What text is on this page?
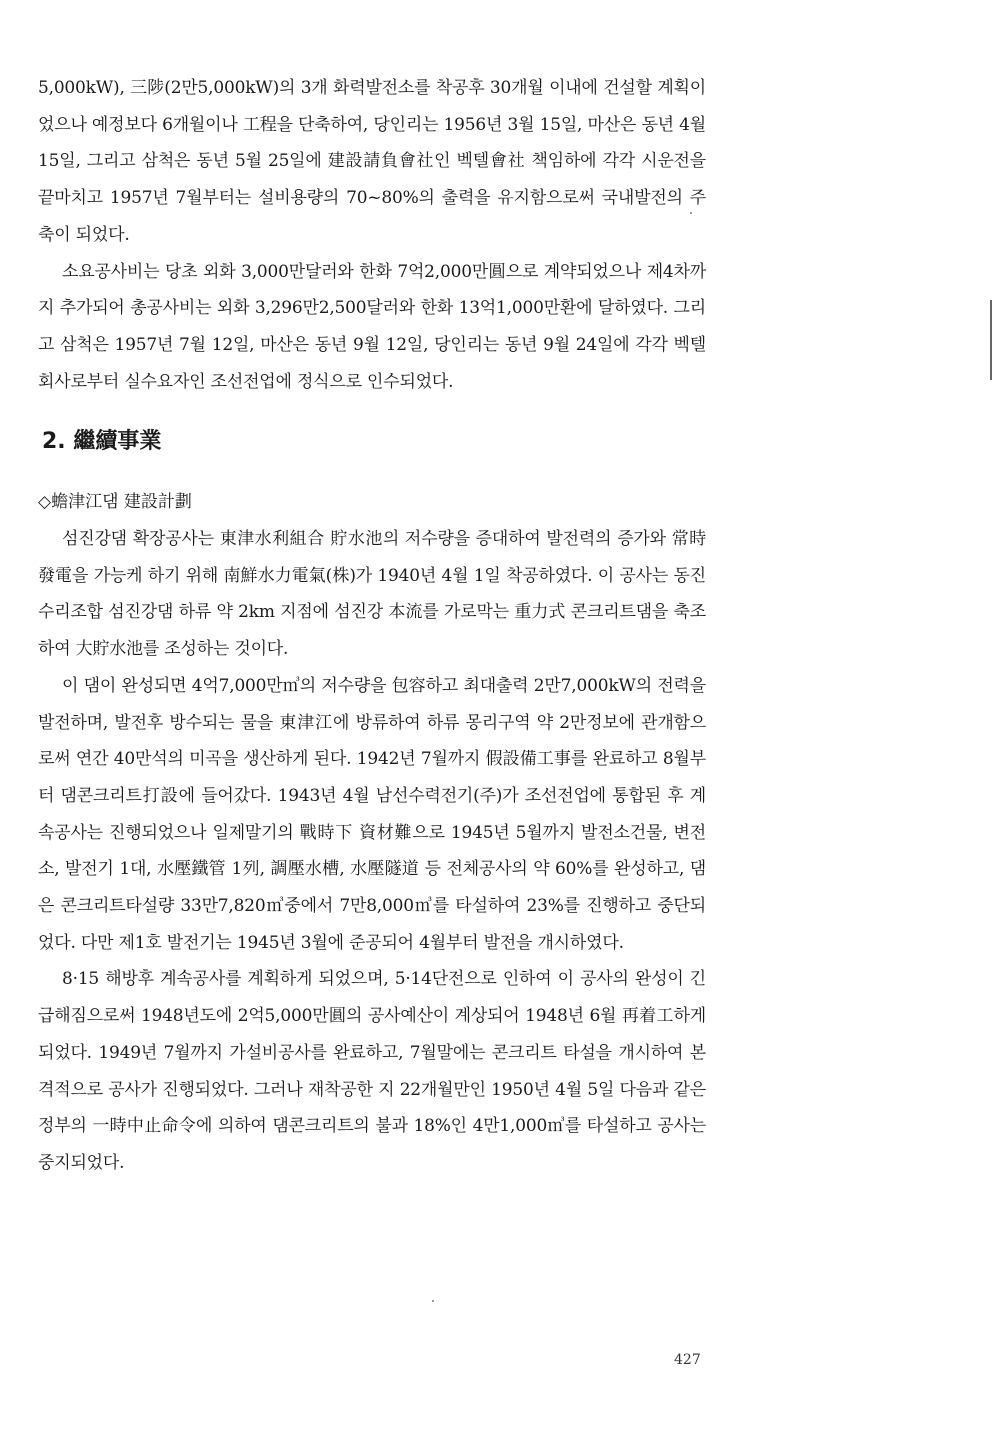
5,000kW), 三陟(2만5,000kW)의 3개 화력발전소를 착공후 30개월 이내에 건설할 계획이었으나 예정보다 6개월이나 工程을 단축하여, 당인리는 1956년 3월 15일, 마산은 동년 4월 15일, 그리고 삼척은 동년 5월 25일에 建設請負會社인 벡텔會社 책임하에 각각 시운전을 끝마치고 1957년 7월부터는 설비용량의 70~80%의 출력을 유지함으로써 국내발전의 주축이 되었다.

소요공사비는 당초 외화 3,000만달러와 한화 7억2,000만圓으로 계약되었으나 제4차까지 추가되어 총공사비는 외화 3,296만2,500달러와 한화 13억1,000만환에 달하였다. 그리고 삼척은 1957년 7월 12일, 마산은 동년 9월 12일, 당인리는 동년 9월 24일에 각각 벡텔회사로부터 실수요자인 조선전업에 정식으로 인수되었다.

2. 繼續事業
◇蟾津江댐 建設計劃

섬진강댐 확장공사는 東津水利組合 貯水池의 저수량을 증대하여 발전력의 증가와 常時發電을 가능케 하기 위해 南鮮水力電氣(株)가 1940년 4월 1일 착공하였다. 이 공사는 동진수리조합 섬진강댐 하류 약 2km 지점에 섬진강 本流를 가로막는 重力式 콘크리트댐을 축조하여 大貯水池를 조성하는 것이다.

이 댐이 완성되면 4억7,000만㎥의 저수량을 包容하고 최대출력 2만7,000kW의 전력을 발전하며, 발전후 방수되는 물을 東津江에 방류하여 하류 몽리구역 약 2만정보에 관개함으로써 연간 40만석의 미곡을 생산하게 된다. 1942년 7월까지 假設備工事를 완료하고 8월부터 댐콘크리트打設에 들어갔다. 1943년 4월 남선수력전기(주)가 조선전업에 통합된 후 계속공사는 진행되었으나 일제말기의 戰時下 資材難으로 1945년 5월까지 발전소건물, 변전소, 발전기 1대, 水壓鐵管 1列, 調壓水槽, 水壓隧道 등 전체공사의 약 60%를 완성하고, 댐은 콘크리트타설량 33만7,820㎥중에서 7만8,000㎥를 타설하여 23%를 진행하고 중단되었다. 다만 제1호 발전기는 1945년 3월에 준공되어 4월부터 발전을 개시하였다.

8·15 해방후 계속공사를 계획하게 되었으며, 5·14단전으로 인하여 이 공사의 완성이 긴급해짐으로써 1948년도에 2억5,000만圓의 공사예산이 계상되어 1948년 6월 再着工하게 되었다. 1949년 7월까지 가설비공사를 완료하고, 7월말에는 콘크리트 타설을 개시하여 본격적으로 공사가 진행되었다. 그러나 재착공한 지 22개월만인 1950년 4월 5일 다음과 같은 정부의 一時中止命令에 의하여 댐콘크리트의 불과 18%인 4만1,000㎥를 타설하고 공사는 중지되었다.

427
